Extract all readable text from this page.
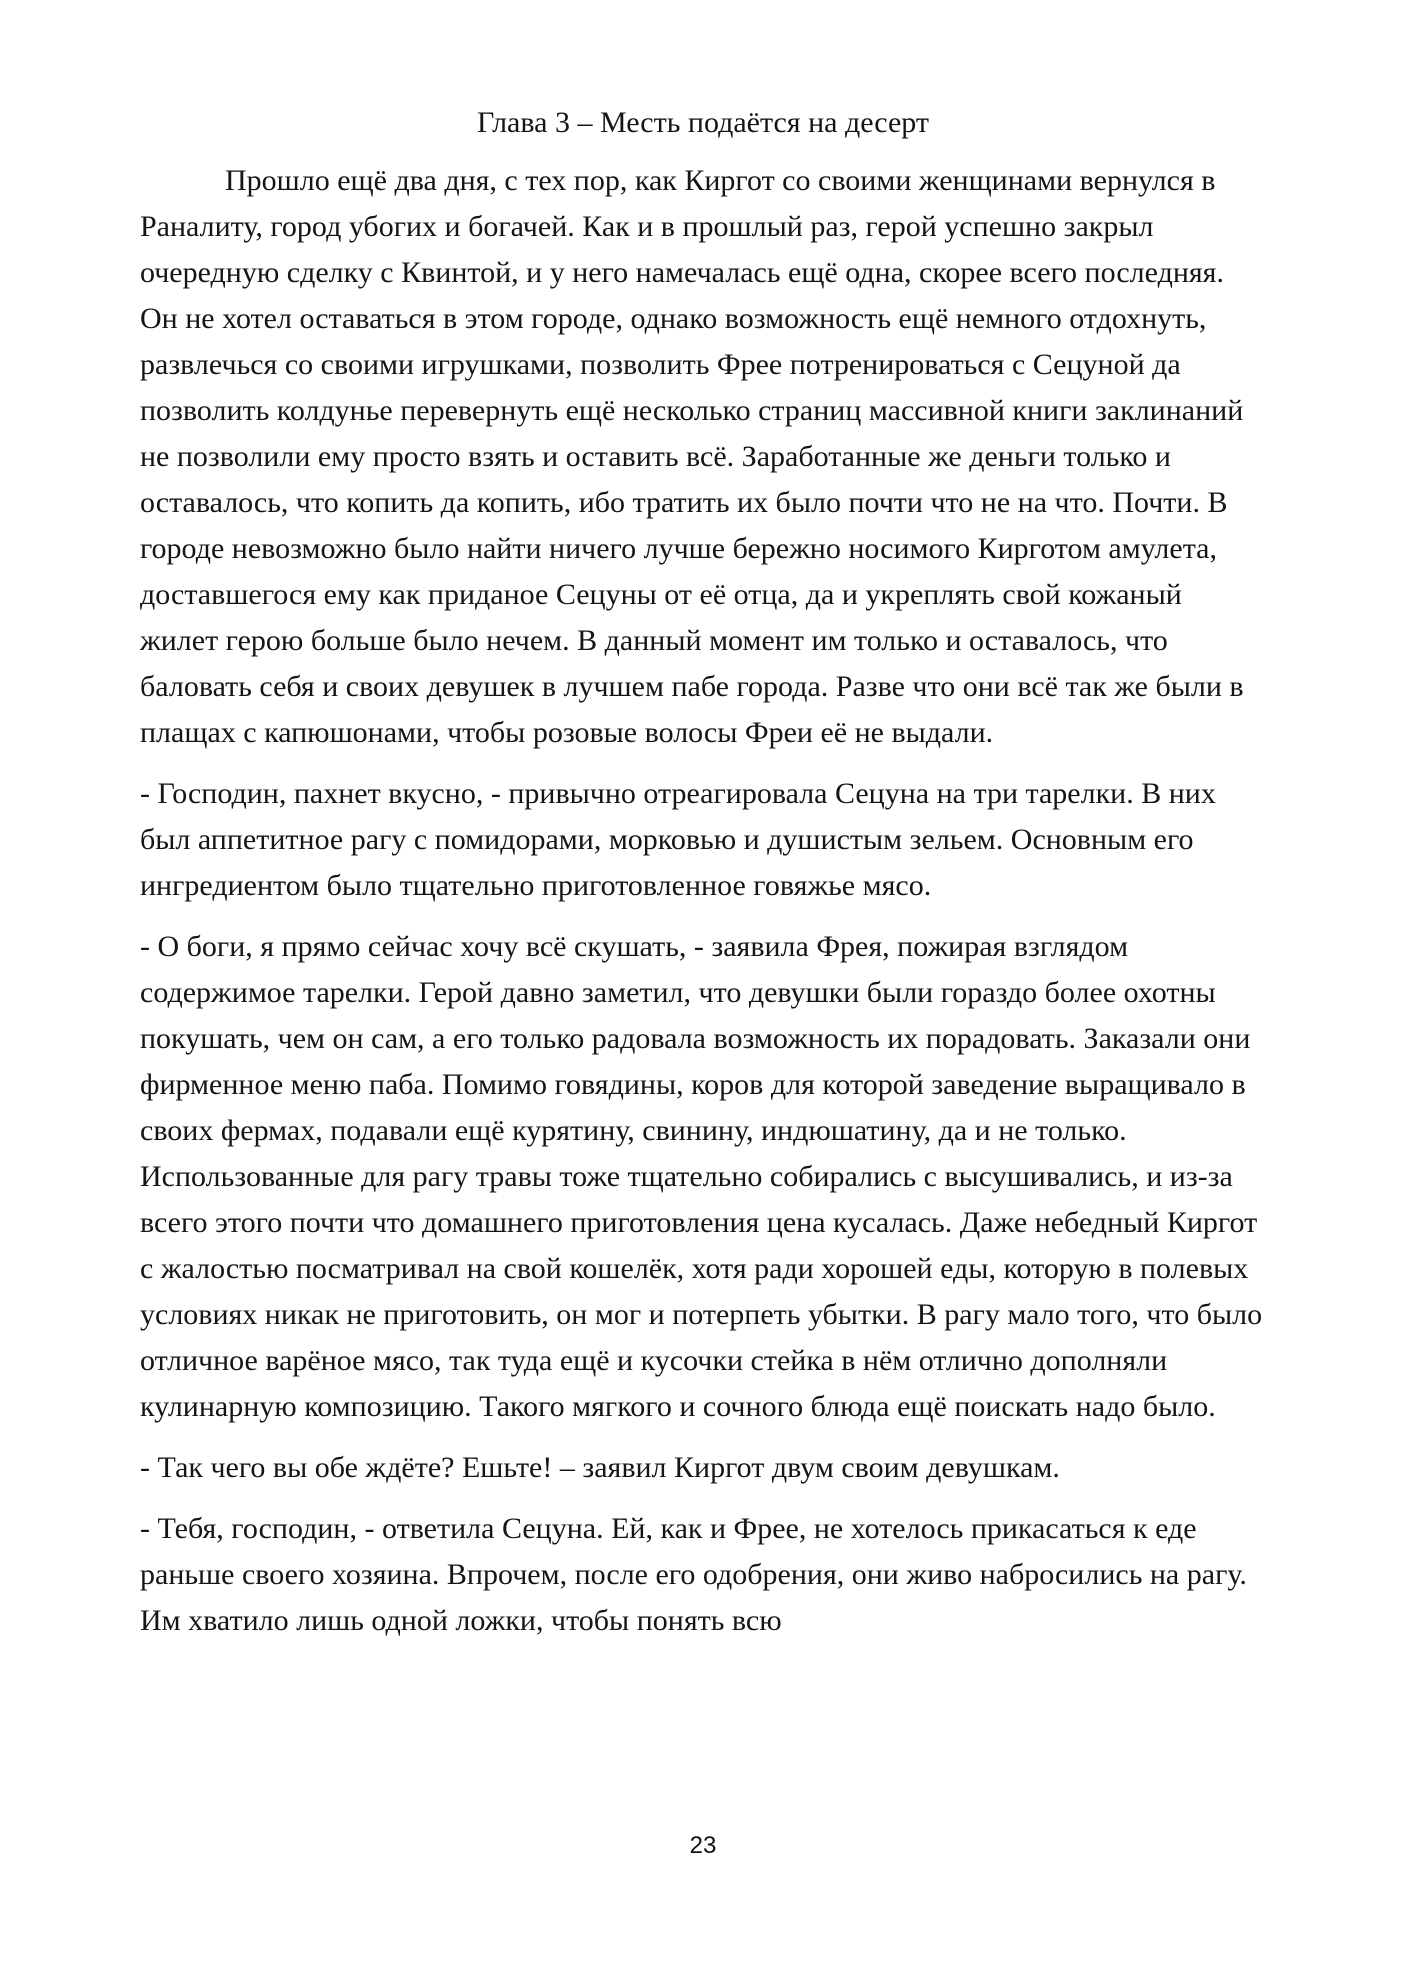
Глава 3 – Месть подаётся на десерт

Прошло ещё два дня, с тех пор, как Киргот со своими женщинами вернулся в Раналиту, город убогих и богачей. Как и в прошлый раз, герой успешно закрыл очередную сделку с Квинтой, и у него намечалась ещё одна, скорее всего последняя. Он не хотел оставаться в этом городе, однако возможность ещё немного отдохнуть, развлечься со своими игрушками, позволить Фрее потренироваться с Сецуной да позволить колдунье перевернуть ещё несколько страниц массивной книги заклинаний не позволили ему просто взять и оставить всё. Заработанные же деньги только и оставалось, что копить да копить, ибо тратить их было почти что не на что. Почти. В городе невозможно было найти ничего лучше бережно носимого Кирготом амулета, доставшегося ему как приданое Сецуны от её отца, да и укреплять свой кожаный жилет герою больше было нечем. В данный момент им только и оставалось, что баловать себя и своих девушек в лучшем пабе города. Разве что они всё так же были в плащах с капюшонами, чтобы розовые волосы Фреи её не выдали.

- Господин, пахнет вкусно, - привычно отреагировала Сецуна на три тарелки. В них был аппетитное рагу с помидорами, морковью и душистым зельем. Основным его ингредиентом было тщательно приготовленное говяжье мясо.

- О боги, я прямо сейчас хочу всё скушать, - заявила Фрея, пожирая взглядом содержимое тарелки. Герой давно заметил, что девушки были гораздо более охотны покушать, чем он сам, а его только радовала возможность их порадовать. Заказали они фирменное меню паба. Помимо говядины, коров для которой заведение выращивало в своих фермах, подавали ещё курятину, свинину, индюшатину, да и не только. Использованные для рагу травы тоже тщательно собирались с высушивались, и из-за всего этого почти что домашнего приготовления цена кусалась. Даже небедный Киргот с жалостью посматривал на свой кошелёк, хотя ради хорошей еды, которую в полевых условиях никак не приготовить, он мог и потерпеть убытки. В рагу мало того, что было отличное варёное мясо, так туда ещё и кусочки стейка в нём отлично дополняли кулинарную композицию. Такого мягкого и сочного блюда ещё поискать надо было.

- Так чего вы обе ждёте? Ешьте! – заявил Киргот двум своим девушкам.

- Тебя, господин, - ответила Сецуна. Ей, как и Фрее, не хотелось прикасаться к еде раньше своего хозяина. Впрочем, после его одобрения, они живо набросились на рагу. Им хватило лишь одной ложки, чтобы понять всю

23
